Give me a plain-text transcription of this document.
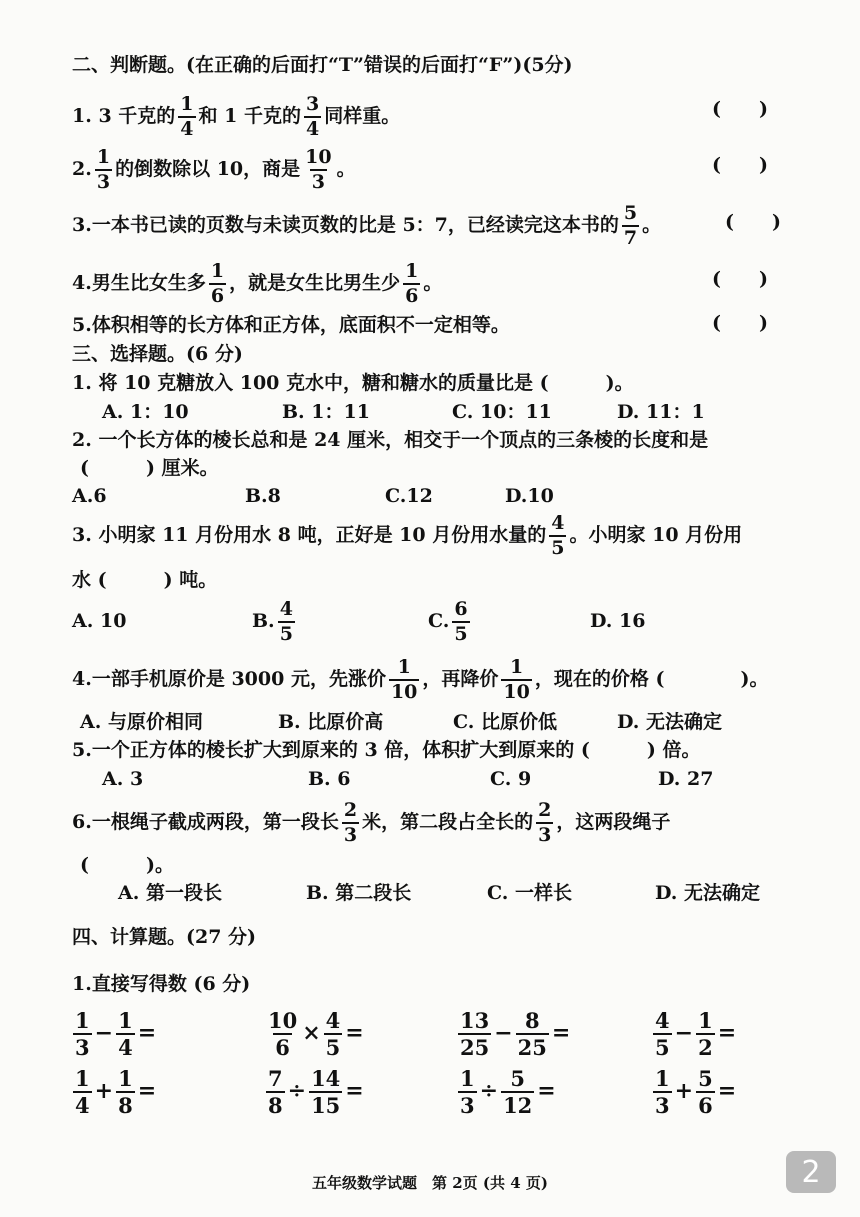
二、判断题。(在正确的后面打“T”错误的后面打“F”)(5分)
1. 3 千克的 $\frac{1}{4}$ 和 1 千克的 $\frac{3}{4}$ 同样重。	(　　)
2. $\frac{1}{3}$ 的倒数除以 10，商是 $\frac{10}{3}$ 。	(　　)
3.一本书已读的页数与未读页数的比是 5：7，已经读完这本书的 $\frac{5}{7}$ 。	(　　)
4.男生比女生多 $\frac{1}{6}$ ，就是女生比男生少 $\frac{1}{6}$ 。	(　　)
5.体积相等的长方体和正方体，底面积不一定相等。	(　　)
三、选择题。(6 分)
1. 将 10 克糖放入 100 克水中，糖和糖水的质量比是 (　　　)。
A. 1：10	B. 1：11	C. 10：11	D. 11：1
2. 一个长方体的棱长总和是 24 厘米，相交于一个顶点的三条棱的长度和是
(　　　) 厘米。
A.6	B.8	C.12	D.10
3. 小明家 11 月份用水 8 吨，正好是 10 月份用水量的 $\frac{4}{5}$ 。小明家 10 月份用
水 (　　　) 吨。
A. 10	B. $\frac{4}{5}$	C. $\frac{6}{5}$	D. 16
4.一部手机原价是 3000 元，先涨价 $\frac{1}{10}$ ，再降价 $\frac{1}{10}$ ，现在的价格 (　　　　)。
A. 与原价相同	B. 比原价高	C. 比原价低	D. 无法确定
5.一个正方体的棱长扩大到原来的 3 倍，体积扩大到原来的 (　　　) 倍。
A. 3	B. 6	C. 9	D. 27
6.一根绳子截成两段，第一段长 $\frac{2}{3}$ 米，第二段占全长的 $\frac{2}{3}$ ，这两段绳子
(　　　)。
A. 第一段长	B. 第二段长	C. 一样长	D. 无法确定
四、计算题。(27 分)
1.直接写得数 (6 分)
$\frac{1}{3} - \frac{1}{4}$ =	$\frac{10}{6} \times \frac{4}{5}$ =	$\frac{13}{25} - \frac{8}{25}$ =	$\frac{4}{5} - \frac{1}{2}$ =
$\frac{1}{4} + \frac{1}{8}$ =	$\frac{7}{8} \div \frac{14}{15}$ =	$\frac{1}{3} \div \frac{5}{12}$ =	$\frac{1}{3} + \frac{5}{6}$ =
五年级数学试题　第 2页 (共 4 页)	2
